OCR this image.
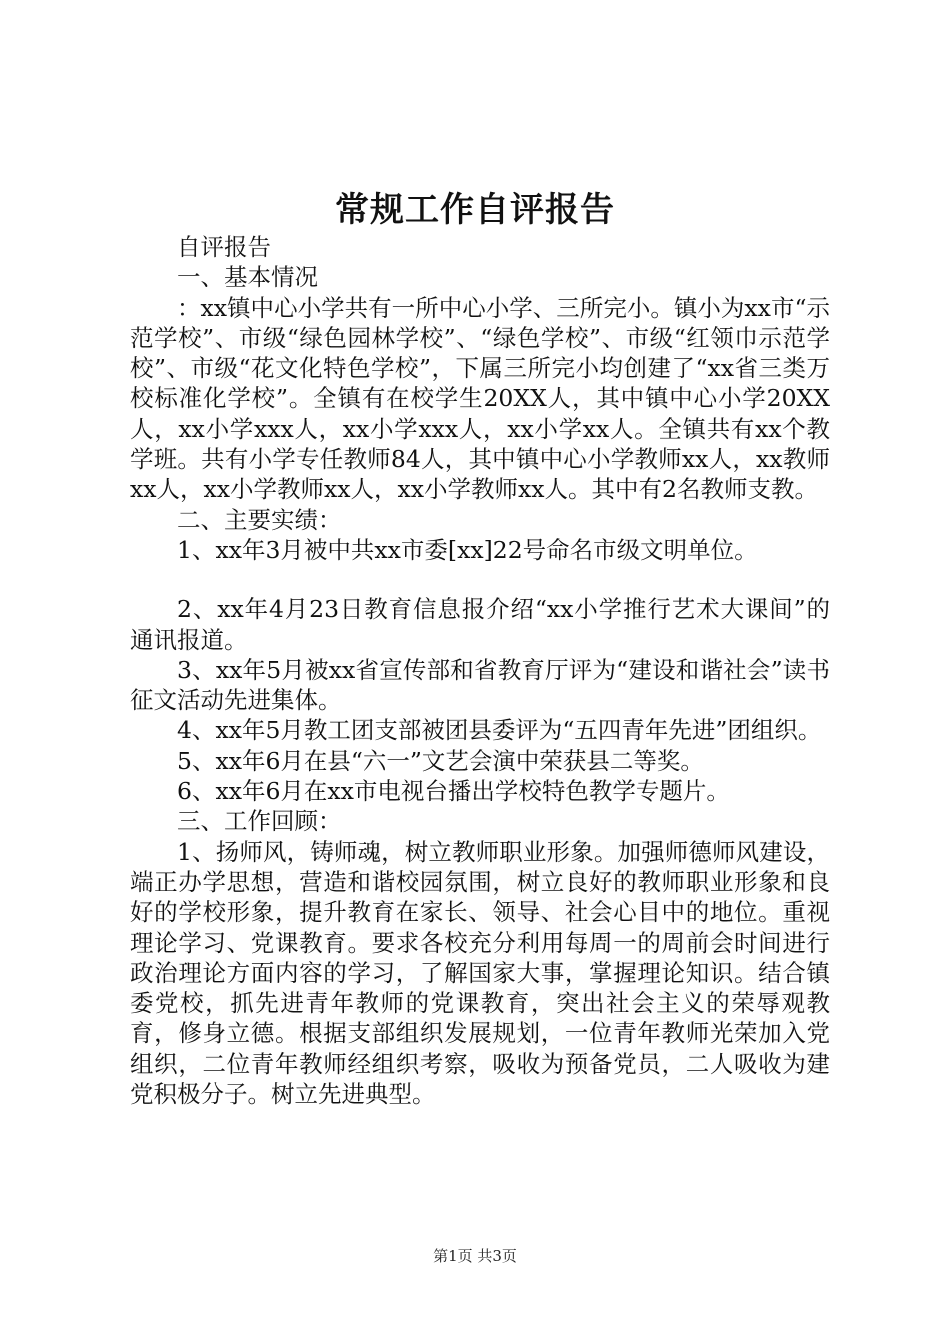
常规工作自评报告

自评报告

一、基本情况

：xx镇中心小学共有一所中心小学、三所完小。镇小为xx市“示范学校”、市级“绿色园林学校”、“绿色学校”、市级“红领巾示范学校”、市级“花文化特色学校”，下属三所完小均创建了“xx省三类万校标准化学校”。全镇有在校学生20XX人，其中镇中心小学20XX人，xx小学xxx人，xx小学xxx人，xx小学xx人。全镇共有xx个教学班。共有小学专任教师84人，其中镇中心小学教师xx人，xx教师xx人，xx小学教师xx人，xx小学教师xx人。其中有2名教师支教。

二、主要实绩：

1、xx年3月被中共xx市委[xx]22号命名市级文明单位。

2、xx年4月23日教育信息报介绍“xx小学推行艺术大课间”的通讯报道。

3、xx年5月被xx省宣传部和省教育厅评为“建设和谐社会”读书征文活动先进集体。

4、xx年5月教工团支部被团县委评为“五四青年先进”团组织。

5、xx年6月在县“六一”文艺会演中荣获县二等奖。

6、xx年6月在xx市电视台播出学校特色教学专题片。

三、工作回顾：

1、扬师风，铸师魂，树立教师职业形象。加强师德师风建设，端正办学思想，营造和谐校园氛围，树立良好的教师职业形象和良好的学校形象，提升教育在家长、领导、社会心目中的地位。重视理论学习、党课教育。要求各校充分利用每周一的周前会时间进行政治理论方面内容的学习，了解国家大事，掌握理论知识。结合镇委党校，抓先进青年教师的党课教育，突出社会主义的荣辱观教育，修身立德。根据支部组织发展规划，一位青年教师光荣加入党组织，二位青年教师经组织考察，吸收为预备党员，二人吸收为建党积极分子。树立先进典型。

第1页 共3页
